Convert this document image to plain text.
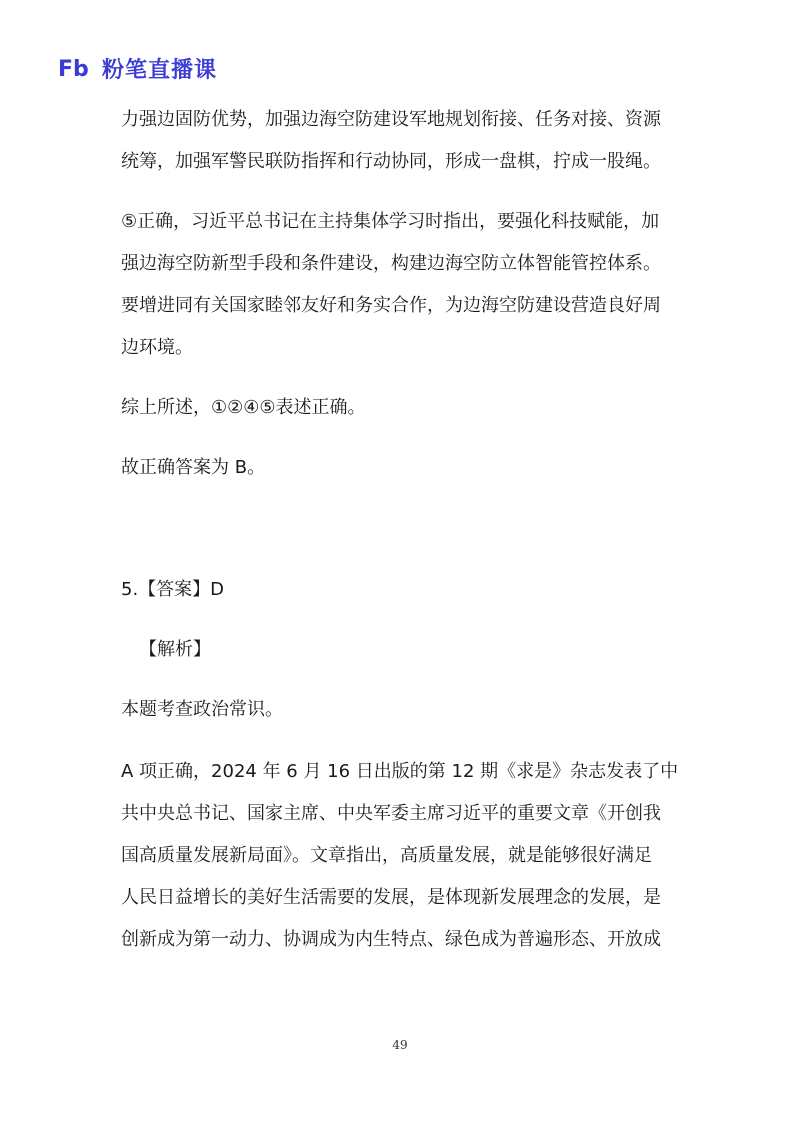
Fb 粉笔直播课
力强边固防优势，加强边海空防建设军地规划衔接、任务对接、资源
统筹，加强军警民联防指挥和行动协同，形成一盘棋，拧成一股绳。
⑤正确，习近平总书记在主持集体学习时指出，要强化科技赋能，加
强边海空防新型手段和条件建设，构建边海空防立体智能管控体系。
要增进同有关国家睦邻友好和务实合作，为边海空防建设营造良好周
边环境。
综上所述，①②④⑤表述正确。
故正确答案为 B。
5.【答案】D
【解析】
本题考查政治常识。
A 项正确，2024 年 6 月 16 日出版的第 12 期《求是》杂志发表了中
共中央总书记、国家主席、中央军委主席习近平的重要文章《开创我
国高质量发展新局面》。文章指出，高质量发展，就是能够很好满足
人民日益增长的美好生活需要的发展，是体现新发展理念的发展，是
创新成为第一动力、协调成为内生特点、绿色成为普遍形态、开放成
49
